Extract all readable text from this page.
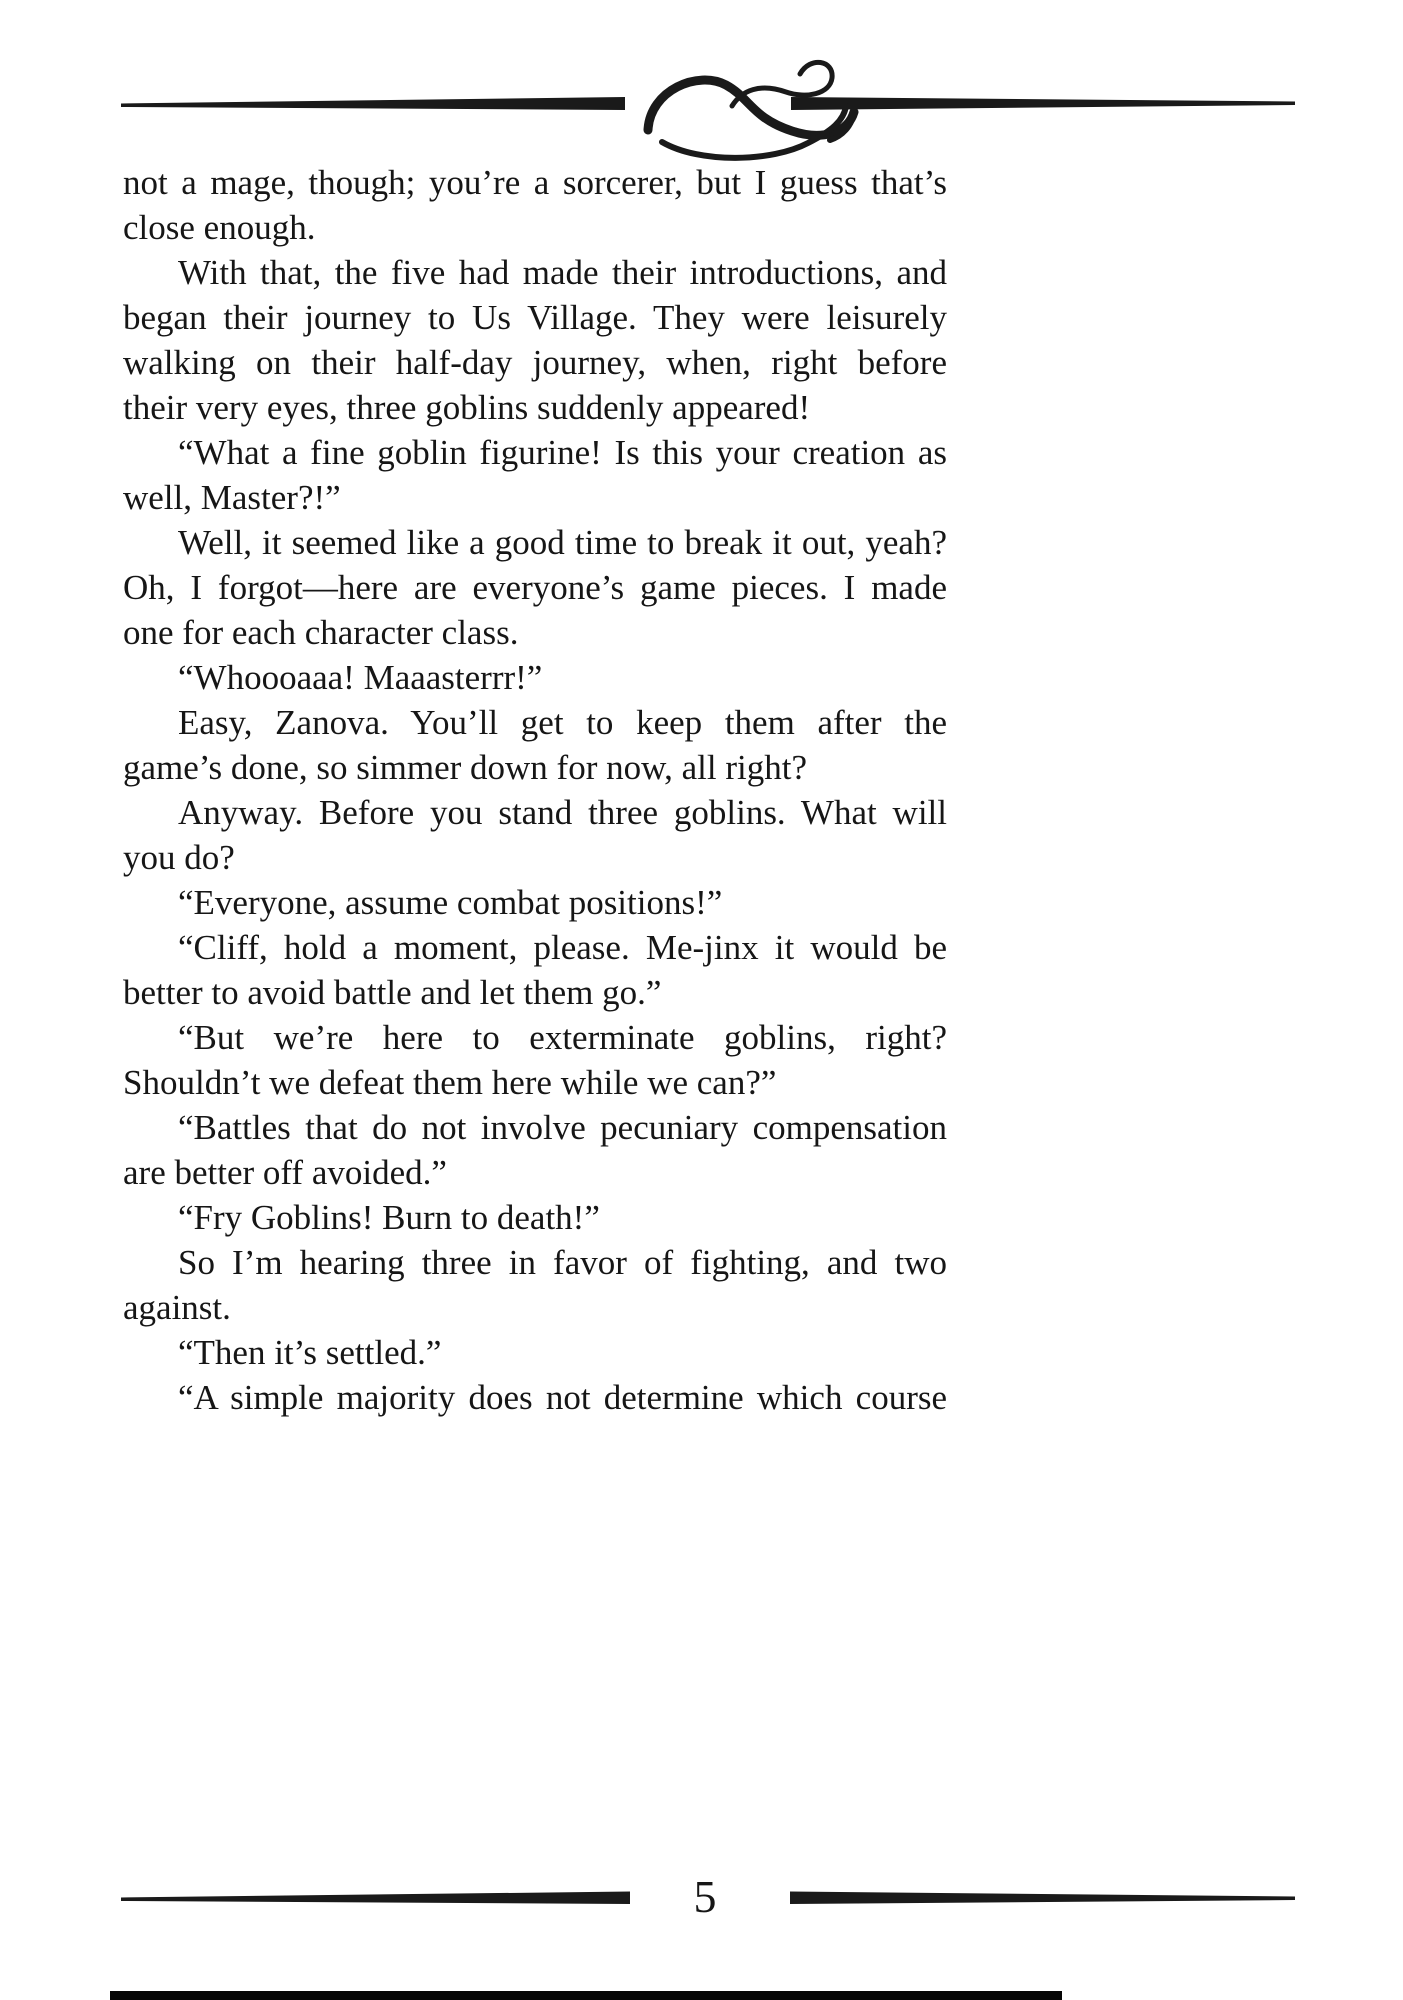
not a mage, though; you’re a sorcerer, but I guess that’s
close enough.
With that, the five had made their introductions, and
began their journey to Us Village. They were leisurely
walking on their half-day journey, when, right before
their very eyes, three goblins suddenly appeared!
“What a fine goblin figurine! Is this your creation as
well, Master?!”
Well, it seemed like a good time to break it out, yeah?
Oh, I forgot—here are everyone’s game pieces. I made
one for each character class.
“Whoooaaa! Maaasterrr!”
Easy, Zanova. You’ll get to keep them after the
game’s done, so simmer down for now, all right?
Anyway. Before you stand three goblins. What will
you do?
“Everyone, assume combat positions!”
“Cliff, hold a moment, please. Me-jinx it would be
better to avoid battle and let them go.”
“But we’re here to exterminate goblins, right?
Shouldn’t we defeat them here while we can?”
“Battles that do not involve pecuniary compensation
are better off avoided.”
“Fry Goblins! Burn to death!”
So I’m hearing three in favor of fighting, and two
against.
“Then it’s settled.”
“A simple majority does not determine which course
5
